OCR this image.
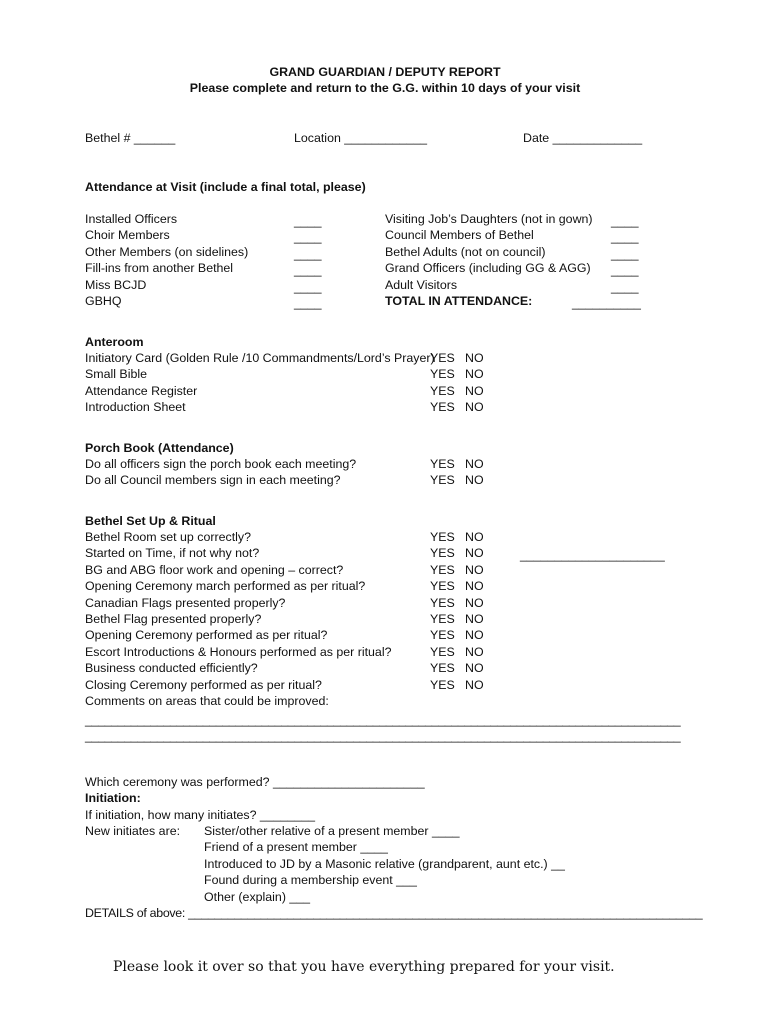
GRAND GUARDIAN / DEPUTY REPORT
Please complete and return to the G.G. within 10 days of your visit
Bethel # ______	Location ____________	Date _____________
Attendance at Visit (include a final total, please)
Installed Officers
Choir Members
Other Members (on sidelines)
Fill-ins from another Bethel
Miss BCJD
GBHQ
____
____
____
____
____
____
Visiting Job’s Daughters (not in gown)
Council Members of Bethel
Bethel Adults (not on council)
Grand Officers (including GG & AGG)
Adult Visitors
TOTAL IN ATTENDANCE:
____
____
____
____
____
__________
Anteroom
Initiatory Card (Golden Rule /10 Commandments/Lord’s Prayer)
Small Bible
Attendance Register
Introduction Sheet
YES
YES
YES
YES
NO
NO
NO
NO
Porch Book (Attendance)
Do all officers sign the porch book each meeting?
Do all Council members sign in each meeting?
YES
YES
NO
NO
Bethel Set Up & Ritual
Bethel Room set up correctly?
Started on Time, if not why not?
BG and ABG floor work and opening – correct?
Opening Ceremony march performed as per ritual?
Canadian Flags presented properly?
Bethel Flag presented properly?
Opening Ceremony performed as per ritual?
Escort Introductions & Honours performed as per ritual?
Business conducted efficiently?
Closing Ceremony performed as per ritual?
Comments on areas that could be improved:
YES
YES
YES
YES
YES
YES
YES
YES
YES
YES
NO
NO
NO
NO
NO
NO
NO
NO
NO
NO
_____________________
___________________________________________________________________________________________
___________________________________________________________________________________________
Which ceremony was performed? ______________________
Initiation:
If initiation, how many initiates? ________
New initiates are: Sister/other relative of a present member ____
Friend of a present member ____
Introduced to JD by a Masonic relative (grandparent, aunt etc.) __
Found during a membership event ___
Other (explain) ___
DETAILS of above: ______________________________________________________________________________
Please look it over so that you have everything prepared for your visit.
